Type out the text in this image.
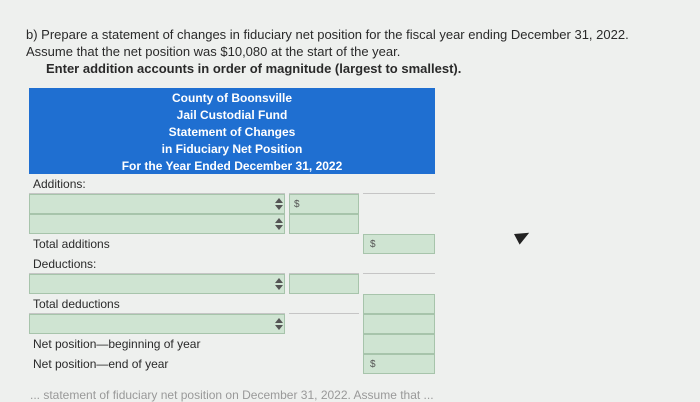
b) Prepare a statement of changes in fiduciary net position for the fiscal year ending December 31, 2022.
Assume that the net position was $10,080 at the start of the year.
Enter addition accounts in order of magnitude (largest to smallest).
County of Boonsville
Jail Custodial Fund
Statement of Changes
in Fiduciary Net Position
For the Year Ended December 31, 2022
Additions:
$
Total additions	$
Deductions:
Total deductions
Net position—beginning of year
Net position—end of year	$
... statement of fiduciary net position on December 31, 2022. Assume that ...
